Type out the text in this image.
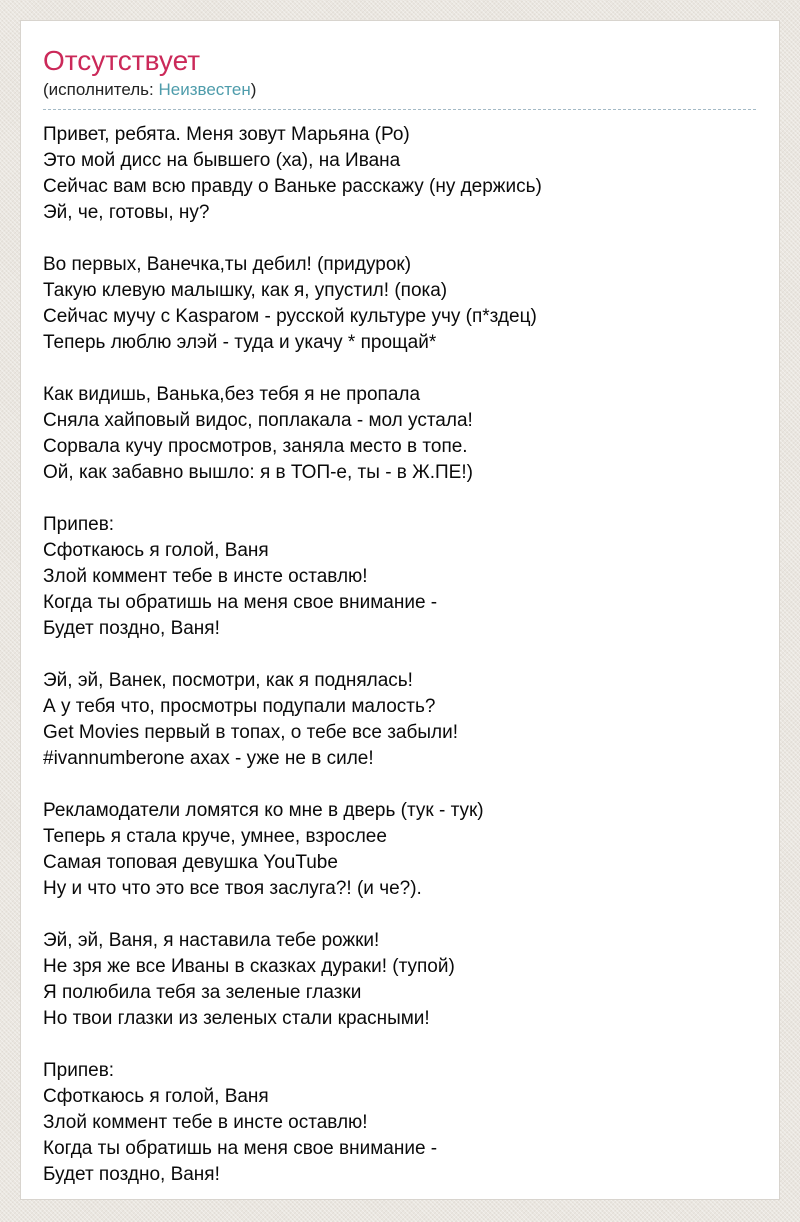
Отсутствует
(исполнитель: Неизвестен)
Привет, ребята. Меня зовут Марьяна (Ро)
Это мой дисс на бывшего (ха), на Ивана
Сейчас вам всю правду о Ваньке расскажу (ну держись)
Эй, че, готовы, ну?
Во первых, Ванечка,ты дебил! (придурок)
Такую клевую малышку, как я, упустил! (пока)
Сейчас мучу с Kasparом - русской культуре учу (п*здец)
Теперь люблю элэй - туда и укачу * прощай*
Как видишь, Ванька,без тебя я не пропала
Сняла хайповый видос, поплакала - мол устала!
Сорвала кучу просмотров, заняла место в топе.
Ой, как забавно вышло: я в ТОП-е, ты - в Ж.ПЕ!)
Припев:
Сфоткаюсь я голой, Ваня
Злой коммент тебе в инсте оставлю!
Когда ты обратишь на меня свое внимание -
Будет поздно, Ваня!
Эй, эй, Ванек, посмотри, как я поднялась!
А у тебя что, просмотры подупали малость?
Get Movies первый в топах, о тебе все забыли!
#ivannumberone ахах - уже не в силе!
Рекламодатели ломятся ко мне в дверь (тук - тук)
Теперь я стала круче, умнее, взрослее
Самая топовая девушка YouTube
Ну и что что это все твоя заслуга?! (и че?).
Эй, эй, Ваня, я наставила тебе рожки!
Не зря же все Иваны в сказках дураки! (тупой)
Я полюбила тебя за зеленые глазки
Но твои глазки из зеленых стали красными!
Припев:
Сфоткаюсь я голой, Ваня
Злой коммент тебе в инсте оставлю!
Когда ты обратишь на меня свое внимание -
Будет поздно, Ваня!
